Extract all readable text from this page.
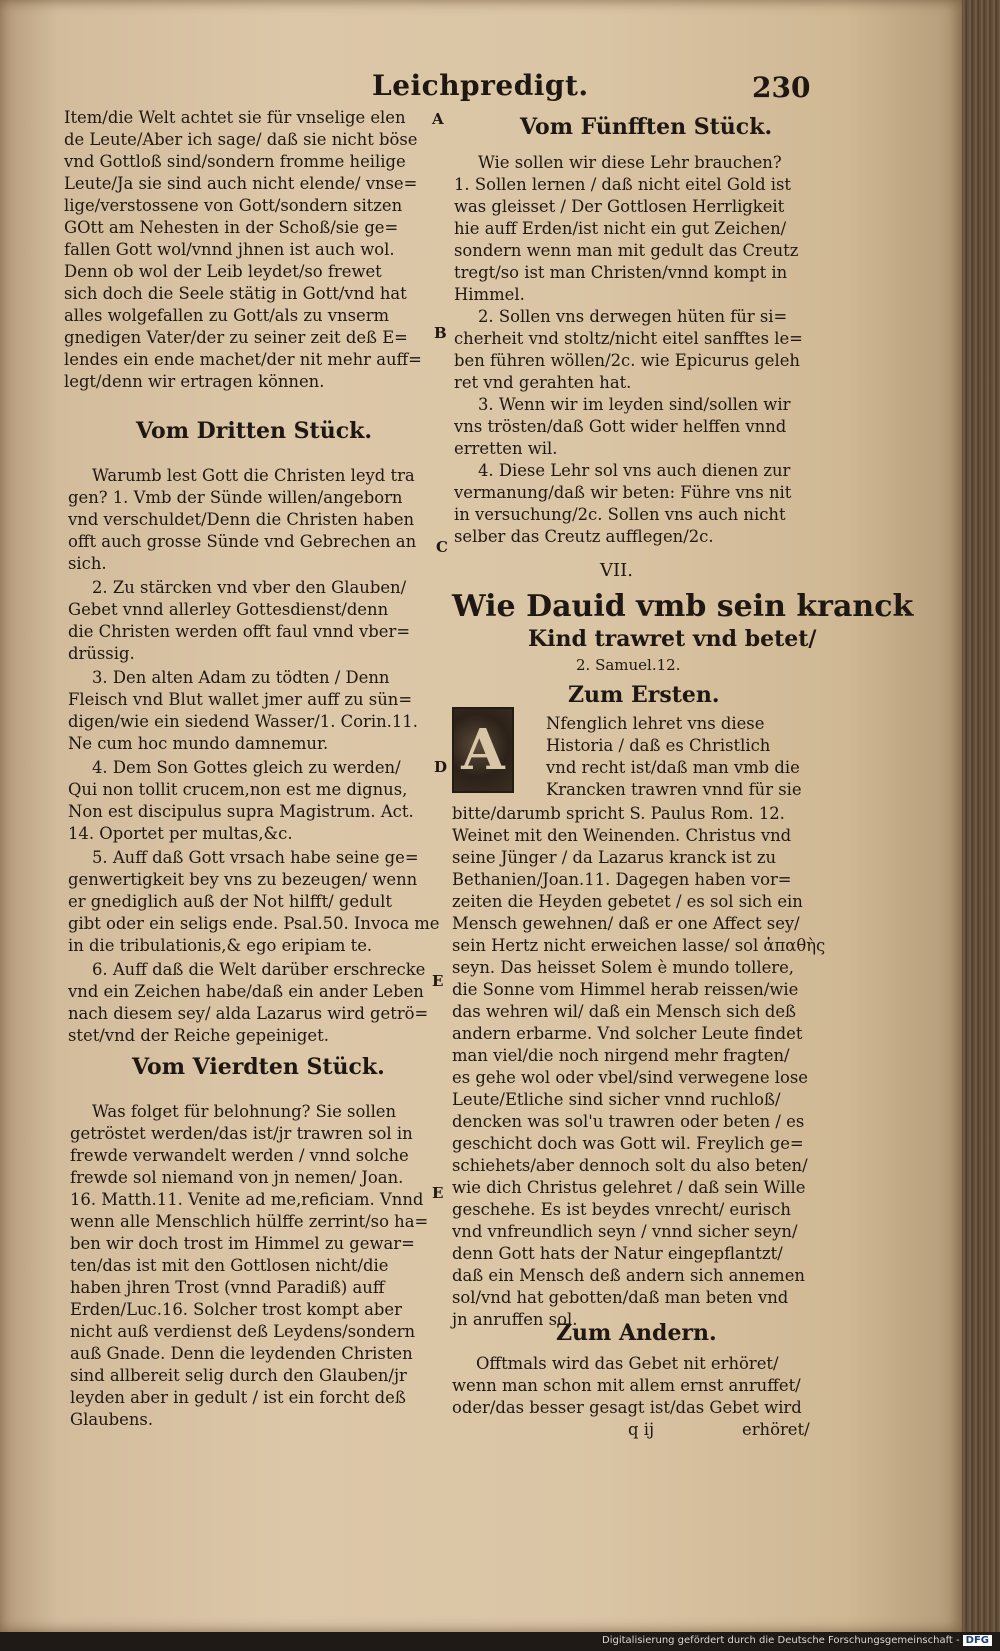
Leichpredigt.	230
Item/die Welt achtet sie für vnselige elen
de Leute/Aber ich sage/ daß sie nicht böse
vnd Gottloß sind/sondern fromme heilige
Leute/Ja sie sind auch nicht elende/ vnse=
lige/verstossene von Gott/sondern sitzen
GOtt am Nehesten in der Schoß/sie ge=
fallen Gott wol/vnnd jhnen ist auch wol.
Denn ob wol der Leib leydet/so frewet
sich doch die Seele stätig in Gott/vnd hat
alles wolgefallen zu Gott/als zu vnserm
gnedigen Vater/der zu seiner zeit deß E=
lendes ein ende machet/der nit mehr auff=
legt/denn wir ertragen können.
Vom Dritten Stück.
Warumb lest Gott die Christen leyd tra
gen? 1. Vmb der Sünde willen/angeborn
vnd verschuldet/Denn die Christen haben
offt auch grosse Sünde vnd Gebrechen an
sich.
2. Zu stärcken vnd vber den Glauben/
Gebet vnnd allerley Gottesdienst/denn
die Christen werden offt faul vnnd vber=
drüssig.
3. Den alten Adam zu tödten / Denn
Fleisch vnd Blut wallet jmer auff zu sün=
digen/wie ein siedend Wasser/1. Corin.11.
Ne cum hoc mundo damnemur.
4. Dem Son Gottes gleich zu werden/
Qui non tollit crucem,non est me dignus,
Non est discipulus supra Magistrum. Act.
14. Oportet per multas,&c.
5. Auff daß Gott vrsach habe seine ge=
genwertigkeit bey vns zu bezeugen/ wenn
er gnediglich auß der Not hilfft/ gedult
gibt oder ein seligs ende. Psal.50. Invoca me
in die tribulationis,& ego eripiam te.
6. Auff daß die Welt darüber erschrecke
vnd ein Zeichen habe/daß ein ander Leben
nach diesem sey/ alda Lazarus wird getrö=
stet/vnd der Reiche gepeiniget.
Vom Vierdten Stück.
Was folget für belohnung? Sie sollen
getröstet werden/das ist/jr trawren sol in
frewde verwandelt werden / vnnd solche
frewde sol niemand von jn nemen/ Joan.
16. Matth.11. Venite ad me,reficiam. Vnnd
wenn alle Menschlich hülffe zerrint/so ha=
ben wir doch trost im Himmel zu gewar=
ten/das ist mit den Gottlosen nicht/die
haben jhren Trost (vnnd Paradiß) auff
Erden/Luc.16. Solcher trost kompt aber
nicht auß verdienst deß Leydens/sondern
auß Gnade. Denn die leydenden Christen
sind allbereit selig durch den Glauben/jr
leyden aber in gedult / ist ein forcht deß
Glaubens.
A
B
C
D
E
E
Vom Fünfften Stück.
Wie sollen wir diese Lehr brauchen?
1. Sollen lernen / daß nicht eitel Gold ist
was gleisset / Der Gottlosen Herrligkeit
hie auff Erden/ist nicht ein gut Zeichen/
sondern wenn man mit gedult das Creutz
tregt/so ist man Christen/vnnd kompt in
Himmel.
2. Sollen vns derwegen hüten für si=
cherheit vnd stoltz/nicht eitel sanfftes le=
ben führen wöllen/2c. wie Epicurus geleh
ret vnd gerahten hat.
3. Wenn wir im leyden sind/sollen wir
vns trösten/daß Gott wider helffen vnnd
erretten wil.
4. Diese Lehr sol vns auch dienen zur
vermanung/daß wir beten: Führe vns nit
in versuchung/2c. Sollen vns auch nicht
selber das Creutz aufflegen/2c.
VII.
Wie Dauid vmb sein kranck
Kind trawret vnd betet/
2. Samuel.12.
Zum Ersten.
A	Nfenglich lehret vns diese
Historia / daß es Christlich
vnd recht ist/daß man vmb die
Krancken trawren vnnd für sie
bitte/darumb spricht S. Paulus Rom. 12.
Weinet mit den Weinenden. Christus vnd
seine Jünger / da Lazarus kranck ist zu
Bethanien/Joan.11. Dagegen haben vor=
zeiten die Heyden gebetet / es sol sich ein
Mensch gewehnen/ daß er one Affect sey/
sein Hertz nicht erweichen lasse/ sol ἀπαθὴς
seyn. Das heisset Solem è mundo tollere,
die Sonne vom Himmel herab reissen/wie
das wehren wil/ daß ein Mensch sich deß
andern erbarme. Vnd solcher Leute findet
man viel/die noch nirgend mehr fragten/
es gehe wol oder vbel/sind verwegene lose
Leute/Etliche sind sicher vnnd ruchloß/
dencken was sol'u trawren oder beten / es
geschicht doch was Gott wil. Freylich ge=
schiehets/aber dennoch solt du also beten/
wie dich Christus gelehret / daß sein Wille
geschehe. Es ist beydes vnrecht/ eurisch
vnd vnfreundlich seyn / vnnd sicher seyn/
denn Gott hats der Natur eingepflantzt/
daß ein Mensch deß andern sich annemen
sol/vnd hat gebotten/daß man beten vnd
jn anruffen sol.
Zum Andern.
Offtmals wird das Gebet nit erhöret/
wenn man schon mit allem ernst anruffet/
oder/das besser gesagt ist/das Gebet wird
q ij	erhöret/
Digitalisierung gefördert durch die Deutsche Forschungsgemeinschaft - DFG
